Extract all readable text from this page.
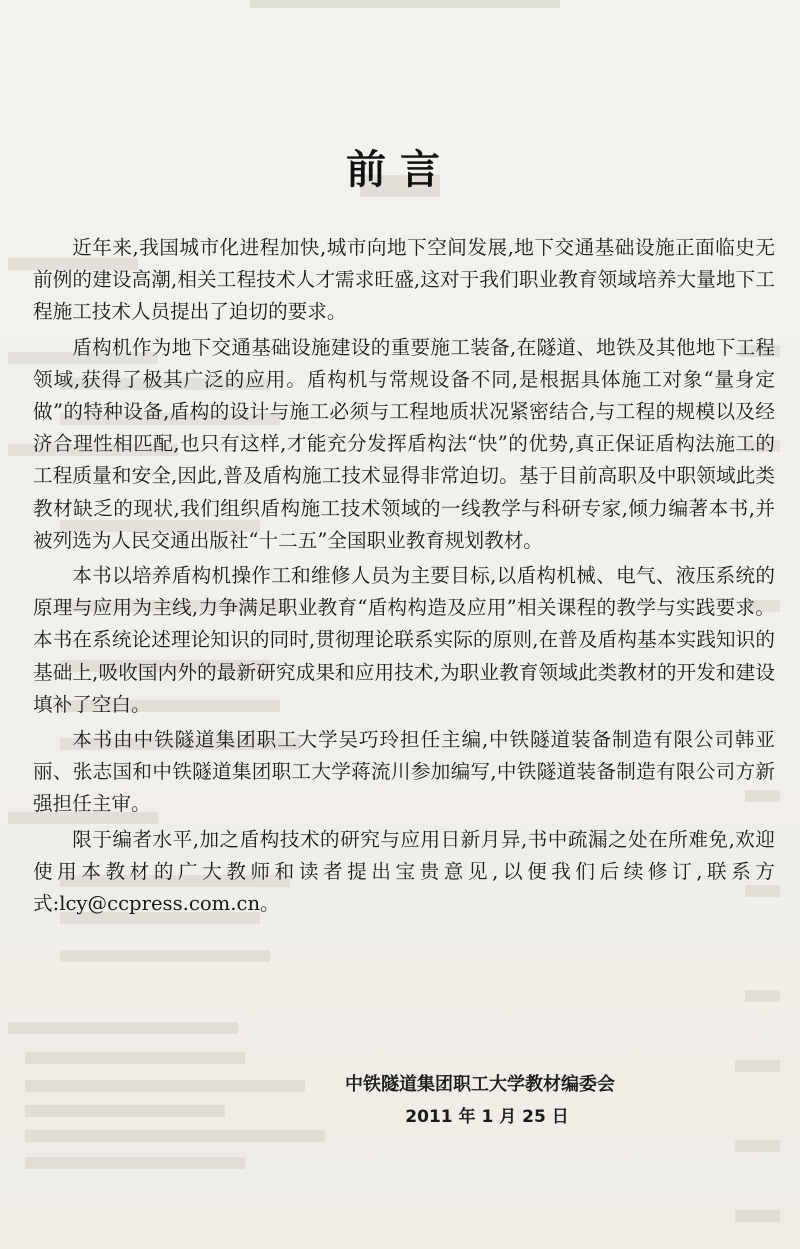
前言

近年来,我国城市化进程加快,城市向地下空间发展,地下交通基础设施正面临史无前例的建设高潮,相关工程技术人才需求旺盛,这对于我们职业教育领域培养大量地下工程施工技术人员提出了迫切的要求。

盾构机作为地下交通基础设施建设的重要施工装备,在隧道、地铁及其他地下工程领域,获得了极其广泛的应用。盾构机与常规设备不同,是根据具体施工对象“量身定做”的特种设备,盾构的设计与施工必须与工程地质状况紧密结合,与工程的规模以及经济合理性相匹配,也只有这样,才能充分发挥盾构法“快”的优势,真正保证盾构法施工的工程质量和安全,因此,普及盾构施工技术显得非常迫切。基于目前高职及中职领域此类教材缺乏的现状,我们组织盾构施工技术领域的一线教学与科研专家,倾力编著本书,并被列选为人民交通出版社“十二五”全国职业教育规划教材。

本书以培养盾构机操作工和维修人员为主要目标,以盾构机械、电气、液压系统的原理与应用为主线,力争满足职业教育“盾构构造及应用”相关课程的教学与实践要求。本书在系统论述理论知识的同时,贯彻理论联系实际的原则,在普及盾构基本实践知识的基础上,吸收国内外的最新研究成果和应用技术,为职业教育领域此类教材的开发和建设填补了空白。

本书由中铁隧道集团职工大学吴巧玲担任主编,中铁隧道装备制造有限公司韩亚丽、张志国和中铁隧道集团职工大学蒋流川参加编写,中铁隧道装备制造有限公司方新强担任主审。

限于编者水平,加之盾构技术的研究与应用日新月异,书中疏漏之处在所难免,欢迎使用本教材的广大教师和读者提出宝贵意见,以便我们后续修订,联系方式:lcy@ccpress.com.cn。

中铁隧道集团职工大学教材编委会
2011 年 1 月 25 日
